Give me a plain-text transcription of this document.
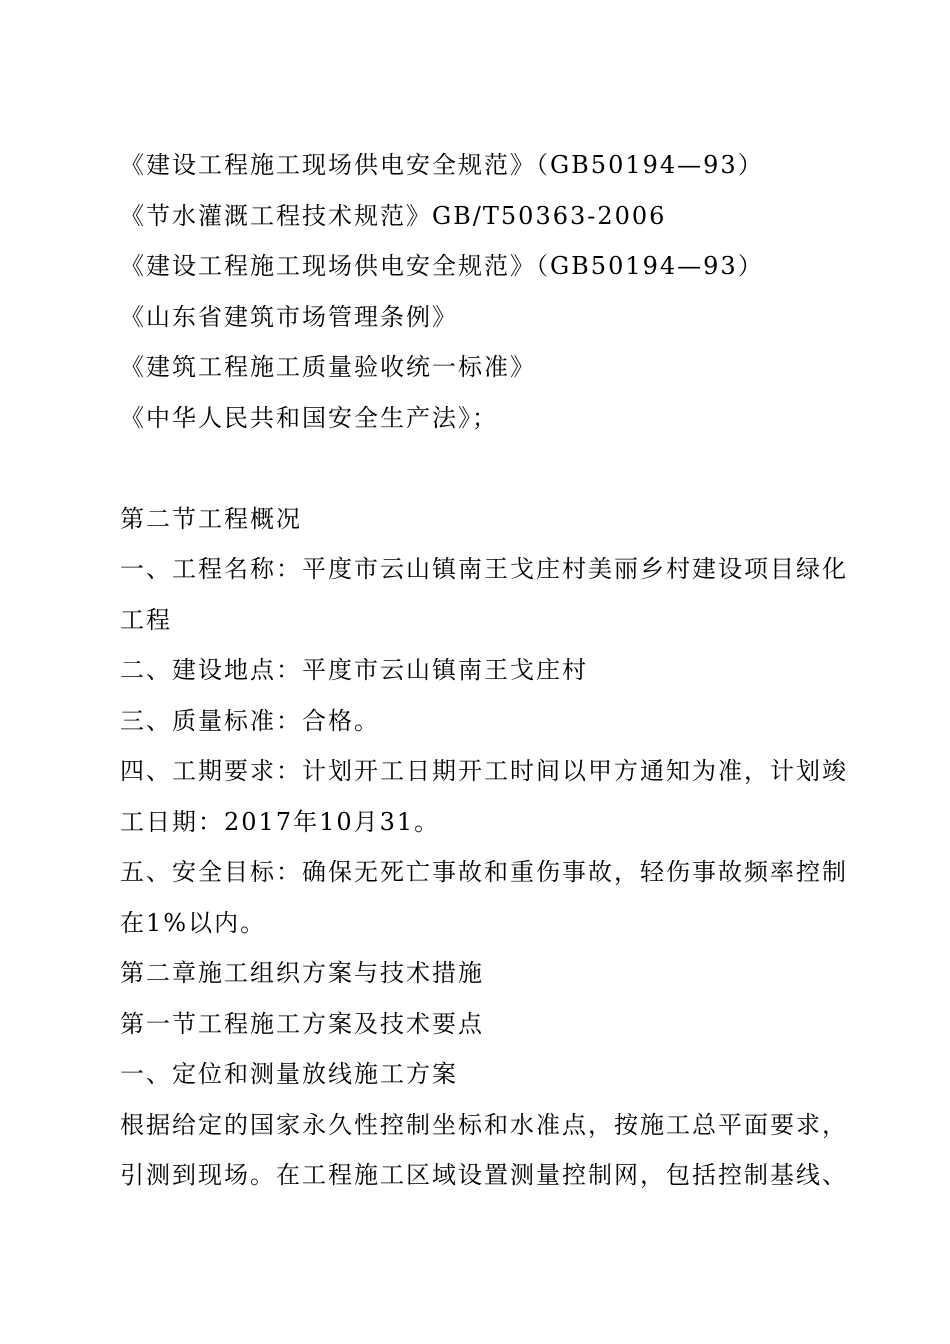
《建设工程施工现场供电安全规范》（GB50194—93）

《节水灌溉工程技术规范》GB/T50363-2006

《建设工程施工现场供电安全规范》（GB50194—93）

《山东省建筑市场管理条例》

《建筑工程施工质量验收统一标准》

《中华人民共和国安全生产法》；

第二节工程概况

一、工程名称：平度市云山镇南王戈庄村美丽乡村建设项目绿化

工程

二、建设地点：平度市云山镇南王戈庄村

三、质量标准：合格。

四、工期要求：计划开工日期开工时间以甲方通知为准，计划竣

工日期：2017年10月31。

五、安全目标：确保无死亡事故和重伤事故，轻伤事故频率控制

在1%以内。

第二章施工组织方案与技术措施

第一节工程施工方案及技术要点

一、定位和测量放线施工方案

根据给定的国家永久性控制坐标和水准点，按施工总平面要求，

引测到现场。在工程施工区域设置测量控制网，包括控制基线、
